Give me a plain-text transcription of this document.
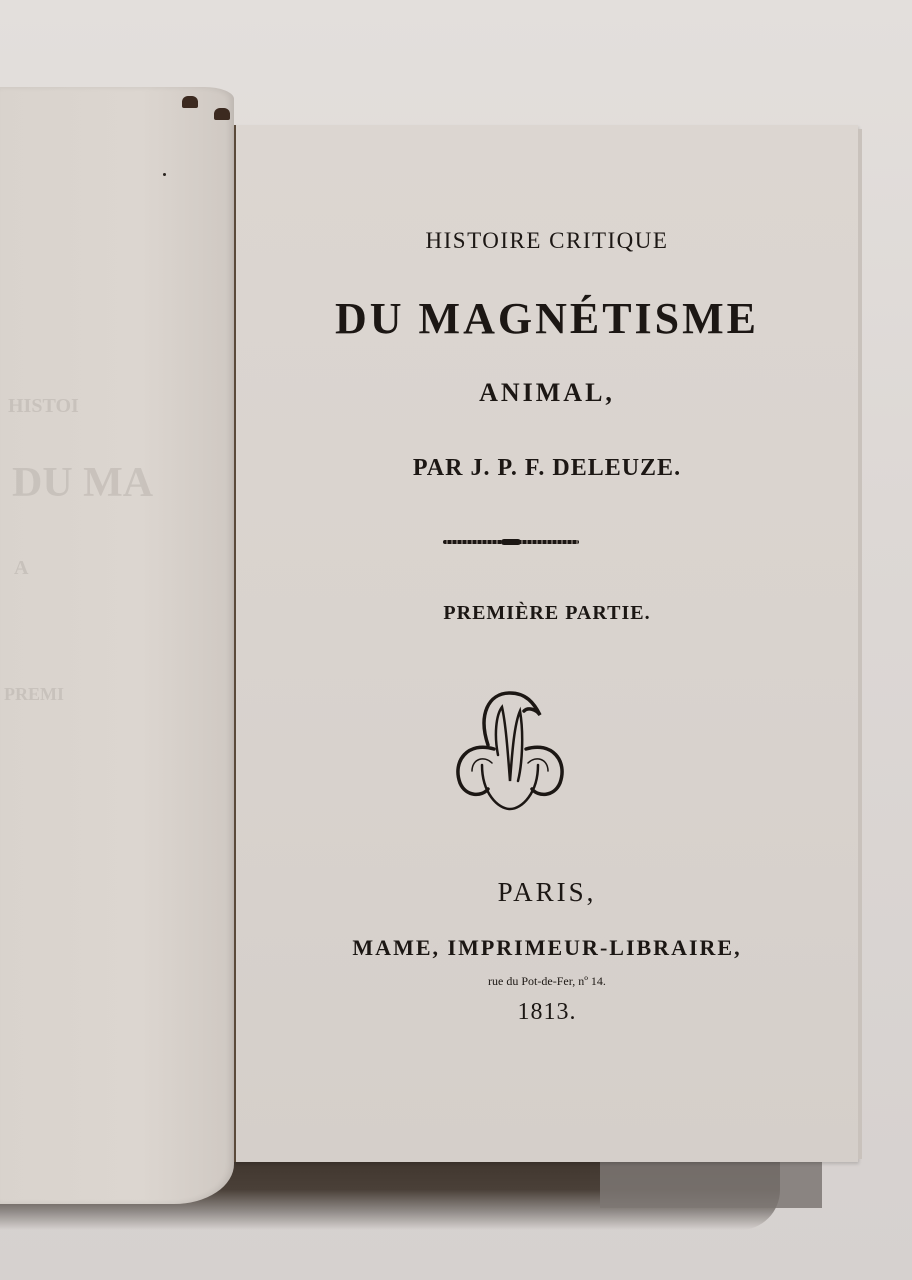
HISTOI
DU MA
A
PREMI
HISTOIRE CRITIQUE
DU MAGNÉTISME
ANIMAL,
PAR J. P. F. DELEUZE.
PREMIÈRE PARTIE.
PARIS,
MAME, IMPRIMEUR-LIBRAIRE,
rue du Pot-de-Fer, nº 14.
1813.
